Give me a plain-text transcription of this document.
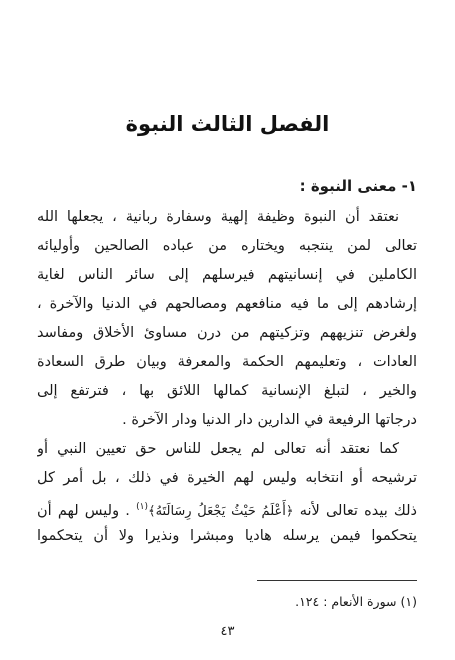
الفصل الثالث النبوة
١- معنى النبوة :
نعتقد أن النبوة وظيفة إلهية وسفارة ربانية ، يجعلها الله
تعالى لمن ينتجبه ويختاره من عباده الصالحين وأوليائه
الكاملين في إنسانيتهم فيرسلهم إلى سائر الناس لغاية
إرشادهم إلى ما فيه منافعهم ومصالحهم في الدنيا والآخرة ،
ولغرض تنزيههم وتزكيتهم من درن مساوئ الأخلاق ومفاسد
العادات ، وتعليمهم الحكمة والمعرفة وبيان طرق السعادة
والخير ، لتبلغ الإنسانية كمالها اللائق بها ، فترتفع إلى
درجاتها الرفيعة في الدارين دار الدنيا ودار الآخرة .
كما نعتقد أنه تعالى لم يجعل للناس حق تعيين النبي أو
ترشيحه أو انتخابه وليس لهم الخيرة في ذلك ، بل أمر كل
ذلك بيده تعالى لأنه ﴿أَعْلَمُ حَيْثُ يَجْعَلُ رِسَالَتَهُ﴾$^{(١)}$ . وليس لهم أن
يتحكموا فيمن يرسله هاديا ومبشرا ونذيرا ولا أن يتحكموا
(١) سورة الأنعام : ١٢٤.
٤٣
